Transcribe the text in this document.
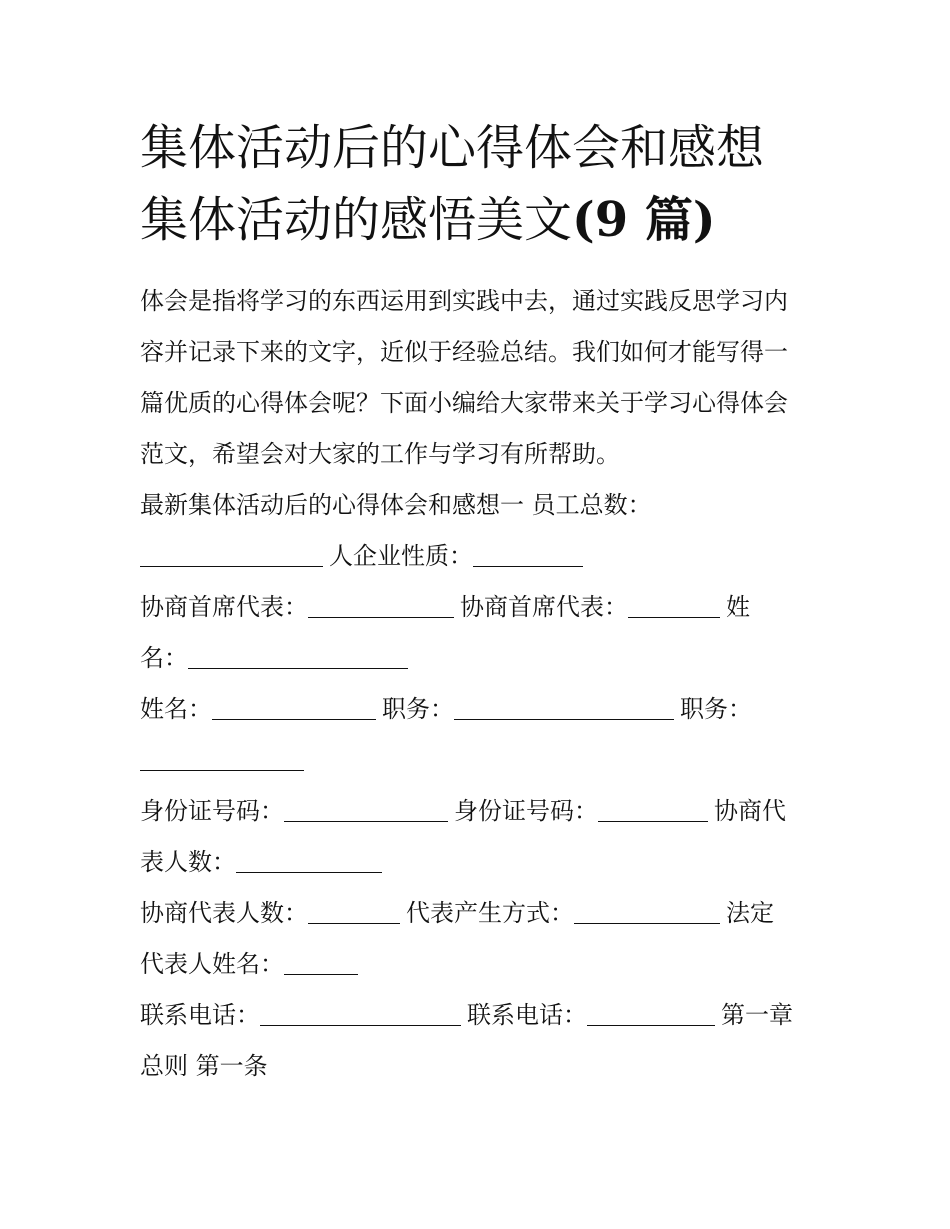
集体活动后的心得体会和感想
集体活动的感悟美文(9 篇)

体会是指将学习的东西运用到实践中去，通过实践反思学习内

容并记录下来的文字，近似于经验总结。我们如何才能写得一

篇优质的心得体会呢？下面小编给大家带来关于学习心得体会

范文，希望会对大家的工作与学习有所帮助。

最新集体活动后的心得体会和感想一 员工总数：

人企业性质：

协商首席代表：	协商首席代表：	姓

名：

姓名：	职务：	职务：

身份证号码：	身份证号码：	协商代

表人数：

协商代表人数：	代表产生方式：	法定

代表人姓名：

联系电话：	联系电话：	第一章

总则 第一条
